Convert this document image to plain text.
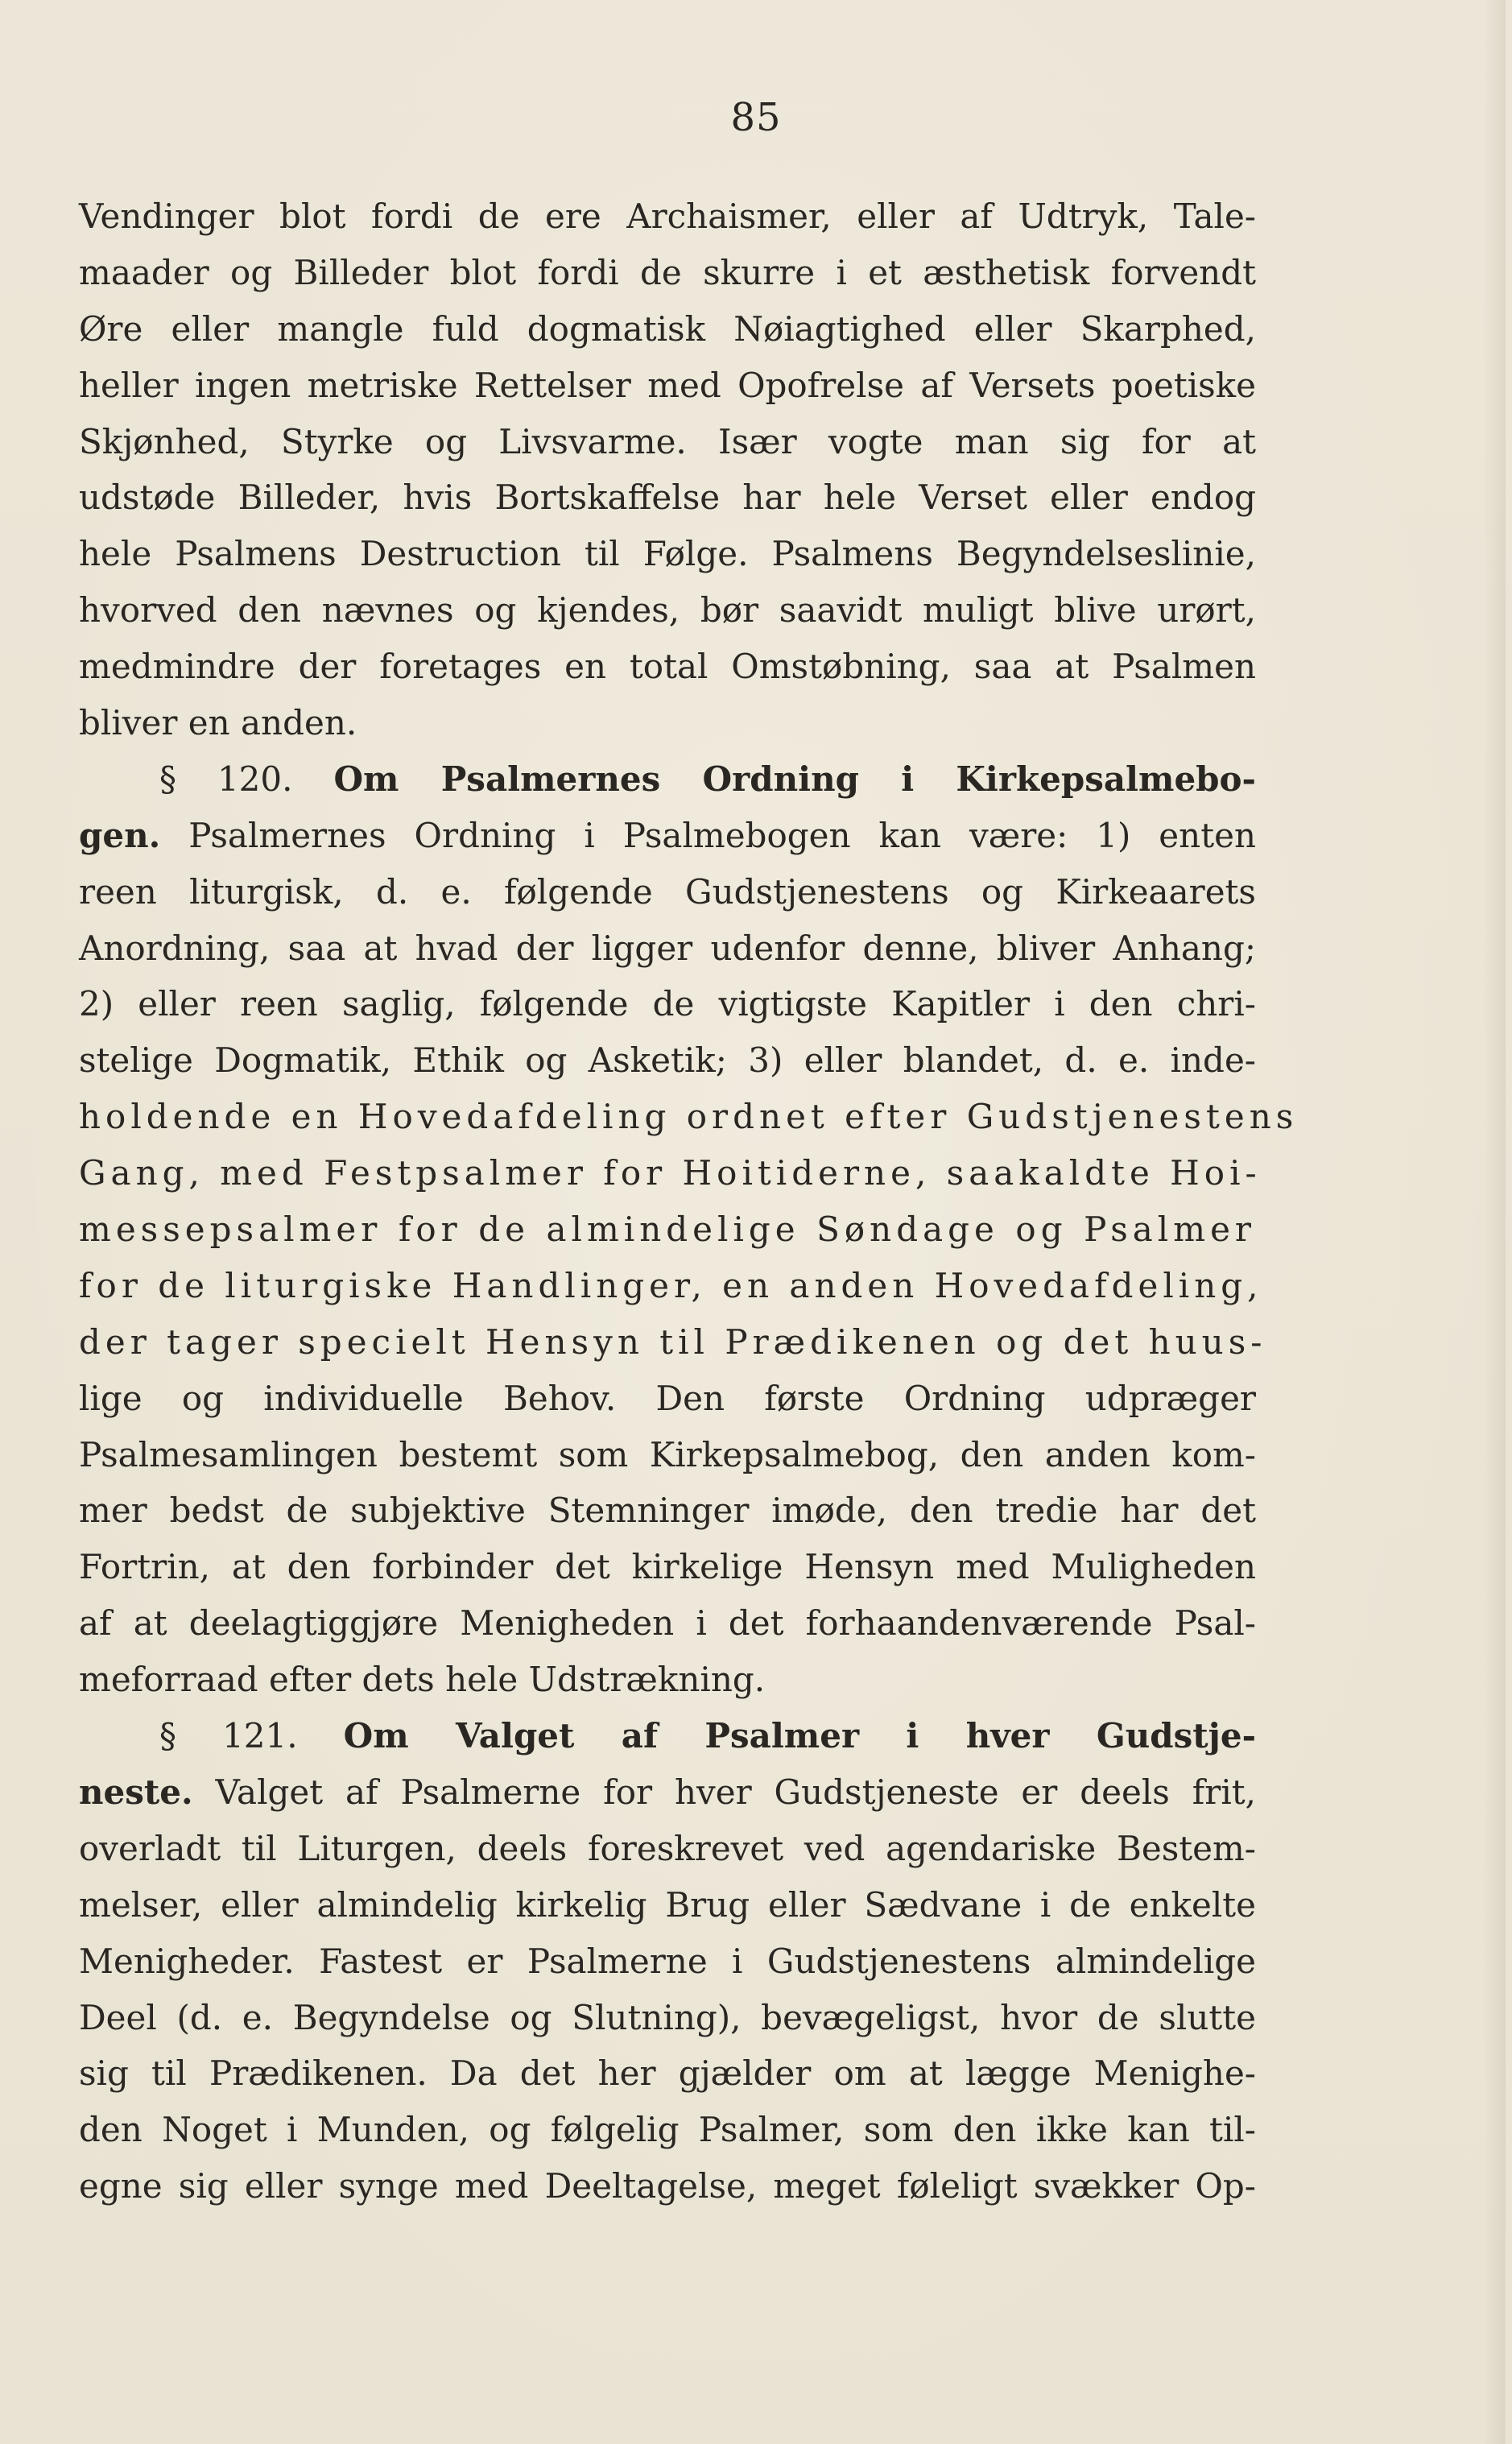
85
Vendinger blot fordi de ere Archaismer, eller af Udtryk, Tale-
maader og Billeder blot fordi de skurre i et æsthetisk forvendt
Øre eller mangle fuld dogmatisk Nøiagtighed eller Skarphed,
heller ingen metriske Rettelser med Opofrelse af Versets poetiske
Skjønhed, Styrke og Livsvarme. Især vogte man sig for at
udstøde Billeder, hvis Bortskaffelse har hele Verset eller endog
hele Psalmens Destruction til Følge. Psalmens Begyndelseslinie,
hvorved den nævnes og kjendes, bør saavidt muligt blive urørt,
medmindre der foretages en total Omstøbning, saa at Psalmen
bliver en anden.
§ 120. Om Psalmernes Ordning i Kirkepsalmebo-
gen. Psalmernes Ordning i Psalmebogen kan være: 1) enten
reen liturgisk, d. e. følgende Gudstjenestens og Kirkeaarets
Anordning, saa at hvad der ligger udenfor denne, bliver Anhang;
2) eller reen saglig, følgende de vigtigste Kapitler i den chri-
stelige Dogmatik, Ethik og Asketik; 3) eller blandet, d. e. inde-
holdende en Hovedafdeling ordnet efter Gudstjenestens
Gang, med Festpsalmer for Hoitiderne, saakaldte Hoi-
messepsalmer for de almindelige Søndage og Psalmer
for de liturgiske Handlinger, en anden Hovedafdeling,
der tager specielt Hensyn til Prædikenen og det huus-
lige og individuelle Behov. Den første Ordning udpræger
Psalmesamlingen bestemt som Kirkepsalmebog, den anden kom-
mer bedst de subjektive Stemninger imøde, den tredie har det
Fortrin, at den forbinder det kirkelige Hensyn med Muligheden
af at deelagtiggjøre Menigheden i det forhaandenværende Psal-
meforraad efter dets hele Udstrækning.
§ 121. Om Valget af Psalmer i hver Gudstje-
neste. Valget af Psalmerne for hver Gudstjeneste er deels frit,
overladt til Liturgen, deels foreskrevet ved agendariske Bestem-
melser, eller almindelig kirkelig Brug eller Sædvane i de enkelte
Menigheder. Fastest er Psalmerne i Gudstjenestens almindelige
Deel (d. e. Begyndelse og Slutning), bevægeligst, hvor de slutte
sig til Prædikenen. Da det her gjælder om at lægge Menighe-
den Noget i Munden, og følgelig Psalmer, som den ikke kan til-
egne sig eller synge med Deeltagelse, meget føleligt svækker Op-
